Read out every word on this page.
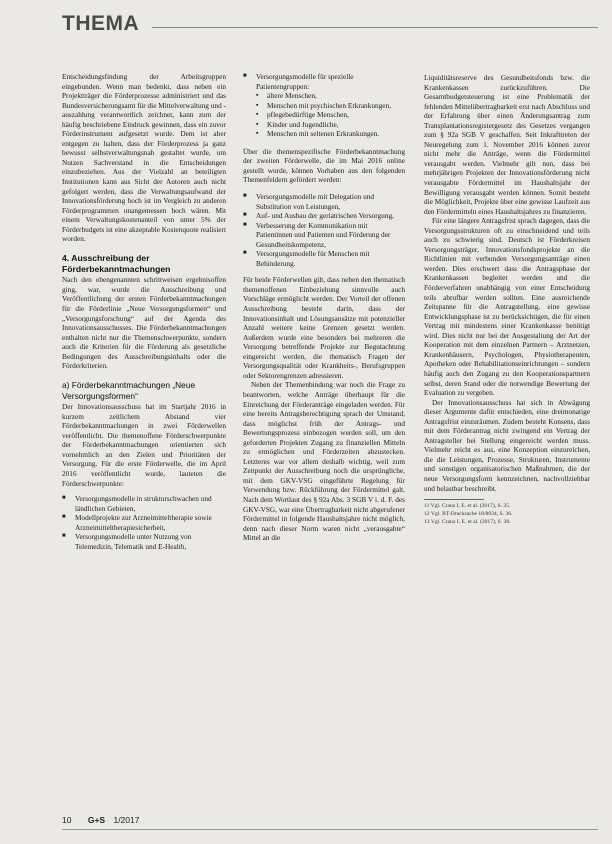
THEMA

Entscheidungsfindung der Arbeitsgruppen eingebunden. Wenn man bedenkt, dass neben ein Projektträger die Förderprozesse administriert und das Bundesversicherungsamt für die Mittelverwaltung und -auszahlung verantwortlich zeichnet, kann zum der häufig beschriebene Eindruck gewinnen, dass ein zuvor Förderinstrument aufgesetzt wurde. Dem ist aber entgegen zu halten, dass der Förderprozess ja ganz bewusst selbstverwaltungsnah gestaltet wurde, um Nutzen Sachverstand in die Entscheidungen einzubeziehen. Aus der Vielzahl an beteiligten Institutionen kann aus Sicht der Autoren auch nicht gefolgert werden, dass die Verwaltungsaufwand der Innovationsförderung hoch ist im Vergleich zu anderen Förderprogrammen unangemessen hoch wären. Mit einem Verwaltungskostenanteil von unter 5% der Förderbudgets ist eine akzeptable Kostenquote realisiert worden.

4. Ausschreibung der Förderbekanntmachungen

Nach den obengenannten schrittweisen ergebnisoffen ging, war, wurde die Ausschreibung und Veröffentlichung der ersten Förderbekanntmachungen für die Förderlinie „Neue Versorgungsformen“ und „Versorgungsforschung“ auf der Agenda des Innovationsausschusses. Die Förderbekanntmachungen enthalten nicht nur die Themenschwerpunkte, sondern auch die Kriterien für die Förderung als gesetzliche Bedingungen des Ausschreibungsinhalts oder die Förderkriterien.

a) Förderbekanntmachungen „Neue Versorgungsformen“

Der Innovationsausschuss hat im Startjahr 2016 in kurzem zeitlichem Abstand vier Förderbekanntmachungen in zwei Förderwellen veröffentlicht. Die themenoffene Förderschwerpunkte der Förderbekanntmachungen orientierten sich vornehmlich an den Zielen und Prioritäten der Versorgung. Für die erste Förderwelle, die im April 2016 veröffentlicht wurde, lauteten die Förderschwerpunkte:

■ Versorgungsmodelle in strukturschwachen und ländlichen Gebieten,
■ Modellprojekte zur Arzneimitteltherapie sowie Arzneimitteltherapiesicherheit,
■ Versorgungsmodelle unter Nutzung von Telemedizin, Telematik und E-Health,
■ Versorgungsmodelle für spezielle Patientengruppen:
▪ ältere Menschen,
▪ Menschen mit psychischen Erkrankungen,
▪ pflegebedürftige Menschen,
▪ Kinder und Jugendliche,
▪ Menschen mit seltenen Erkrankungen.

Über die themenspezifische Förderbekanntmachung der zweiten Förderwelle, die im Mai 2016 online gestellt wurde, können Vorhaben aus den folgenden Themenfeldern gefördert werden:

■ Versorgungsmodelle mit Delegation und Substitution von Leistungen,
■ Auf- und Ausbau der geriatrischen Versorgung,
■ Verbesserung der Kommunikation mit Patientinnen und Patienten und Förderung der Gesundheitskompetenz,
■ Versorgungsmodelle für Menschen mit Behinderung.

Für beide Förderwellen gilt, dass neben den thematisch themenoffenen Einbeziehung sinnvolle auch Vorschläge ermöglicht werden. Der Vorteil der offenen Ausschreibung besteht darin, dass der Innovationsinhalt und Lösungsansätze mit potenzieller Anzahl weitere keine Grenzen gesetzt werden. Außerdem wurde eine besonders bei mehreren die Versorgung betreffende Projekte zur Begutachtung eingereicht werden, die thematisch Fragen der Versorgungsqualität oder Krankheits-, Berufsgruppen oder Sektorengrenzen adressieren.

Neben der Themenbindung war noch die Frage zu beantworten, welche Anträge überhaupt für die Einreichung der Förderanträge eingeladen werden. Für eine bereits Antragsberechtigung sprach der Umstand, dass möglichst früh der Antrags- und Bewertungsprozess einbezogen werden soll, um den geforderten Projekten Zugang zu finanziellen Mitteln zu ermöglichen und Förderzeiten abzustecken. Letzteres war vor allem deshalb wichtig, weil zum Zeitpunkt der Ausschreibung noch die ursprüngliche, mit dem GKV-VSG eingeführte Regelung für Verwendung bzw. Rückführung der Fördermittel galt. Nach dem Wortlaut des § 92a Abs. 3 SGB V i. d. F. des GKV-VSG, war eine Übertragbarkeit nicht abgerufener Fördermittel in folgende Haushaltsjahre nicht möglich, denn nach dieser Norm waren nicht „verausgabte“ Mittel an die

Liquiditätsreserve des Gesundheitsfonds bzw. die Krankenkassen zurückzuführen. Die Gesamtbudgetsteuerung ist eine Problematik der fehlenden Mittelübertragbarkeit erst nach Abschluss und der Erfahrung über einen Änderungsantrag zum Transplantationsregistergesetz des Gesetzes vergangen zum § 92a SGB V geschaffen. Seit Inkrafttreten der Neuregelung zum 1. November 2016 können zuvor nicht mehr die Anträge, wenn die Fördermittel verausgabt werden. Vielmehr gilt nun, dass bei mehrjährigen Projekten der Innovationsförderung nicht verausgabte Fördermittel im Haushaltsjahr der Bewilligung verausgabt werden können. Somit besteht die Möglichkeit, Projekte über eine gewisse Laufzeit aus den Fördermitteln eines Haushaltsjahres zu finanzieren.

Für eine längere Antragsfrist sprach dagegen, dass die Versorgungsstrukturen oft zu einschneidend und teils auch zu schwierig sind. Deutsch ist Förderkreisen Versorgungsträger, Innovationsfondsprojekte an die Richtlinien mit verbunden Versorgungsanträge einen werden. Dies erschwert dass die Antragsphase der Krankenkassen begleitet werden und die Förderverfahren unabhängig von einer Entscheidung teils abrufbar werden sollten. Eine ausreichende Zeitspanne für die Antragstellung, eine gewisse Entwicklungsphase ist zu berücksichtigen, die für einen Vertrag mit mindestens einer Krankenkasse benötigt wird. Dies nicht nur bei der Ausgestaltung der Art der Kooperation mit dem einzelnen Partnern – Arztnetzen, Krankenhäusern, Psychologen, Physiotherapeuten, Apotheken oder Rehabilitationseinrichtungen – sondern häufig auch den Zugang zu den Kooperationspartnern selbst, deren Stand oder die notwendige Bewertung der Evaluation zu vergeben.

Der Innovationsausschuss hat sich in Abwägung dieser Argumente dafür entschieden, eine dreimonatige Antragsfrist einzuräumen. Zudem besteht Konsens, dass mit dem Förderantrag nicht zwingend ein Vertrag der Antragsteller bei Stellung eingereicht werden muss. Vielmehr reicht es aus, eine Konzeption einzureichen, die die Leistungen, Prozesse, Strukturen, Instrumente und sonstigen organisatorischen Maßnahmen, die der neue Versorgungsform kennzeichnen, nachvollziehbar und belastbar beschreibt.

11 Vgl. Cranz I, E. et al. (2017), S. 35.
12 Vgl. BT-Drucksache 18/8034, S. 36.
13 Vgl. Cranz I, E. et al. (2017), S. 38.
10 G+S 1/2017
